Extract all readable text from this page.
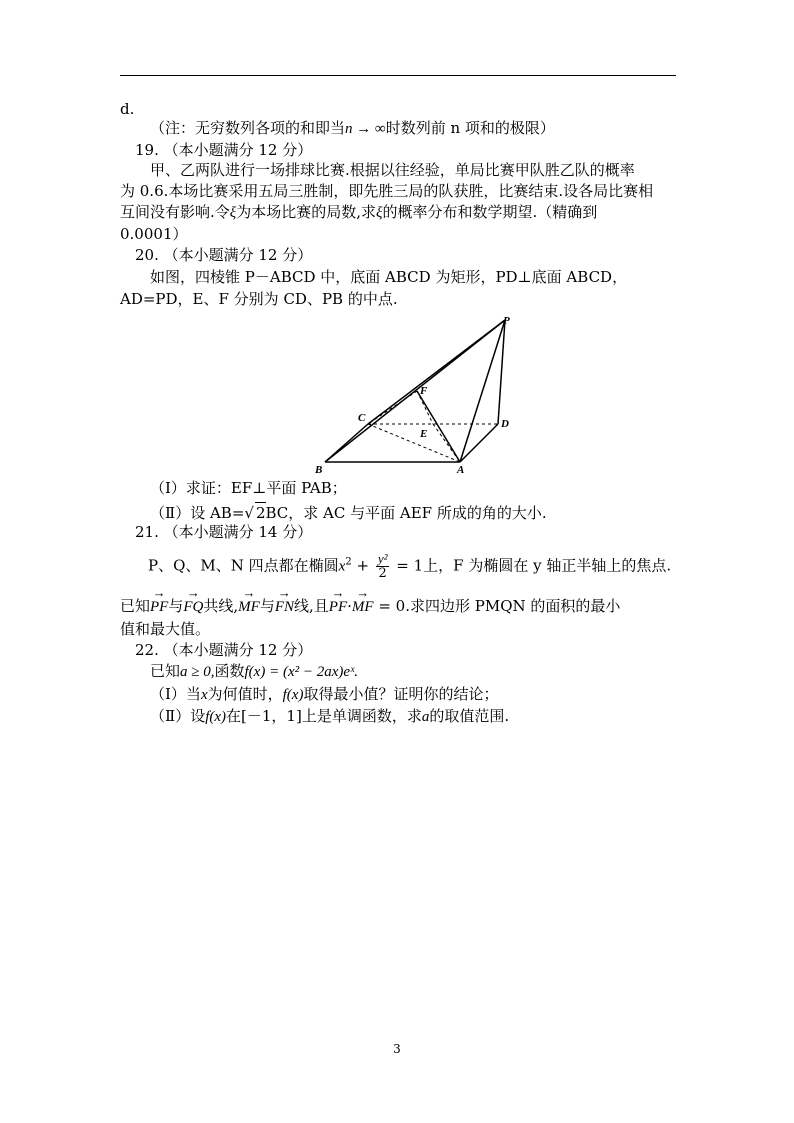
d.
（注：无穷数列各项的和即当n → ∞时数列前 n 项和的极限）
19. （本小题满分 12 分）
甲、乙两队进行一场排球比赛.根据以往经验，单局比赛甲队胜乙队的概率
为 0.6.本场比赛采用五局三胜制，即先胜三局的队获胜，比赛结束.设各局比赛相
互间没有影响.令ξ为本场比赛的局数,求ξ的概率分布和数学期望.（精确到
0.0001）
20. （本小题满分 12 分）
如图，四棱锥 P－ABCD 中，底面 ABCD 为矩形，PD⊥底面 ABCD，
AD=PD，E、F 分别为 CD、PB 的中点.
P
F
C
E
D
B	A
（Ⅰ）求证：EF⊥平面 PAB；
（Ⅱ）设 AB=√ 2BC，求 AC 与平面 AEF 所成的角的大小.
21. （本小题满分 14 分）
P、Q、M、N 四点都在椭圆$x^2 + \frac{\text{y²}}{2} = 1$上，F 为椭圆在 y 轴正半轴上的焦点.
已知→ PF与→ FQ共线,→ MF与→ FN线,且→ PF·→ MF = 0.求四边形 PMQN 的面积的最小
值和最大值。
22. （本小题满分 12 分）
已知a ≥ 0,函数f(x) = (x² − 2ax)eˣ.
（Ⅰ）当x为何值时，f(x)取得最小值？证明你的结论；
（Ⅱ）设f(x)在[－1，1]上是单调函数，求a的取值范围.
3
